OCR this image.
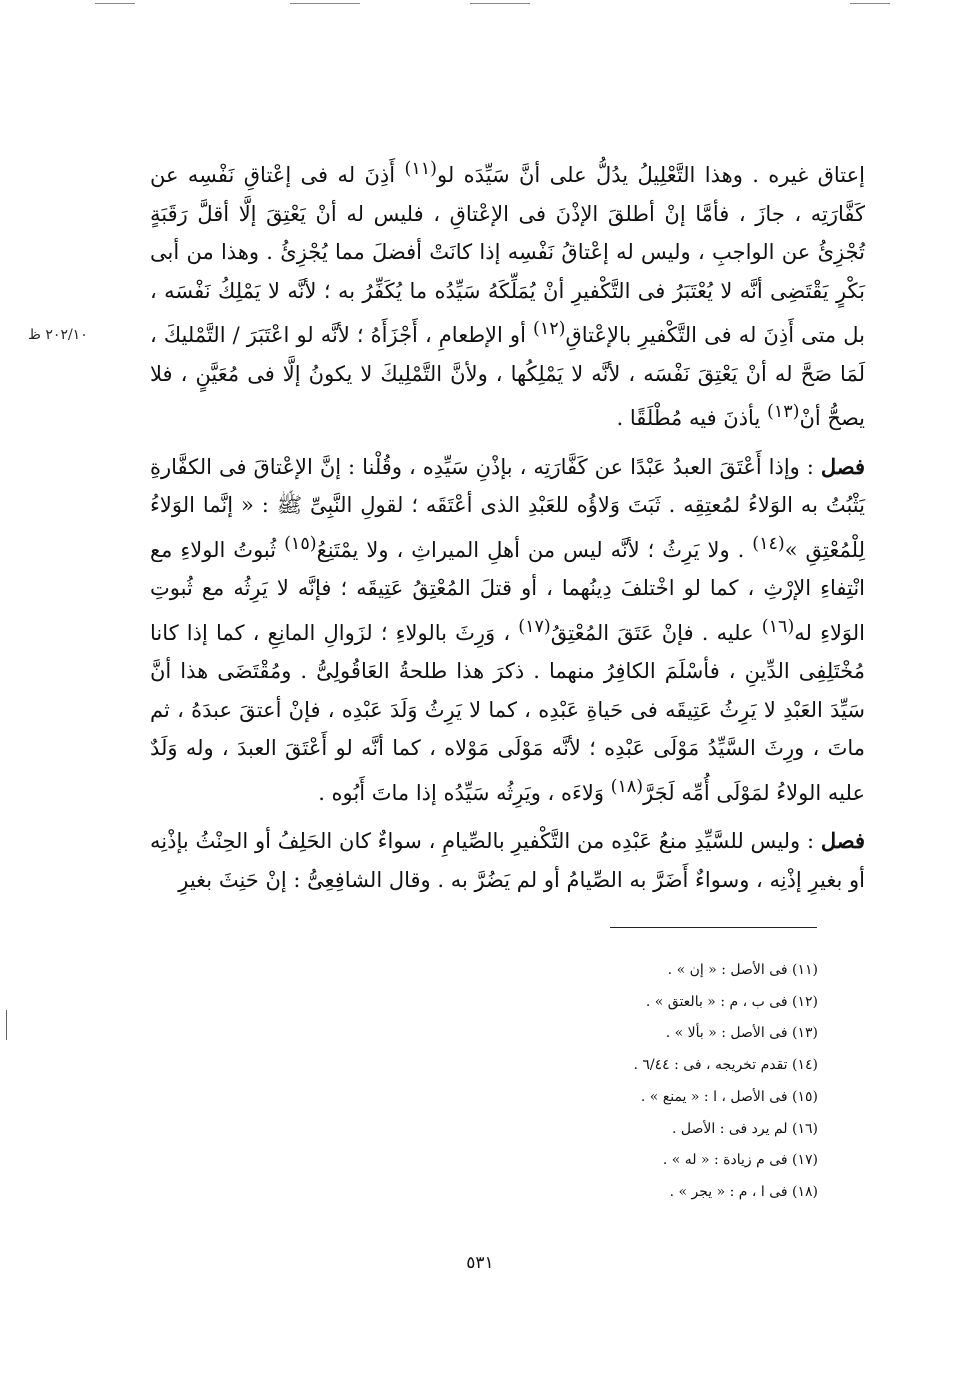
٢٠٢/١٠ ظ

إعتاق غيره . وهذا التَّعْلِيلُ يدُلُّ على أنَّ سَيِّدَه لو$^{(١١)}$ أَذِنَ له فى إعْتاقِ نَفْسِه عن كَفَّارَتِه ، جازَ ، فأمَّا إنْ أطلقَ الإذْنَ فى الإعْتاقِ ، فليس له أنْ يَعْتِقَ إلَّا أقلَّ رَقَبَةٍ تُجْزِئُ عن الواجبِ ، وليس له إعْتاقُ نَفْسِه إذا كانَتْ أفضلَ مما يُجْزِئُ . وهذا من أبى بَكْرٍ يَقْتَضِى أنَّه لا يُعْتَبَرُ فى التَّكْفيرِ أنْ يُمَلِّكَهُ سَيِّدُه ما يُكَفِّرُ به ؛ لأنَّه لا يَمْلِكُ نَفْسَه ، بل متى أَذِنَ له فى التَّكْفيرِ بالإعْتاقِ$^{(١٢)}$ أو الإطعامِ ، أَجْزَأَهُ ؛ لأنَّه لو اعْتَبَرَ / التَّمْليكَ ، لَمَا صَحَّ له أنْ يَعْتِقَ نَفْسَه ، لأنَّه لا يَمْلِكُها ، ولأنَّ التَّمْلِيكَ لا يكونُ إلَّا فى مُعَيَّنٍ ، فلا يصحُّ أنْ$^{(١٣)}$ يأذنَ فيه مُطْلَقًا .

فصل : وإذا أَعْتَقَ العبدُ عَبْدًا عن كَفَّارَتِه ، بإذْنِ سَيِّدِه ، وقُلْنا : إنَّ الإعْتاقَ فى الكفَّارةِ يَثْبُتُ به الوَلاءُ لمُعتِقِه . ثَبَتَ وَلاؤُه للعَبْدِ الذى أعْتَقَه ؛ لقولِ النَّبِىِّ ﷺ : « إنَّما الوَلاءُ لِلْمُعْتِقِ »$^{(١٤)}$ . ولا يَرِثُ ؛ لأنَّه ليس من أهلِ الميراثِ ، ولا يمْتَنِعُ$^{(١٥)}$ ثُبوتُ الولاءِ مع انْتِفاءِ الإرْثِ ، كما لو اخْتلفَ دِينُهما ، أو قتلَ المُعْتِقُ عَتِيقَه ؛ فإنَّه لا يَرِثُه مع ثُبوتِ الوَلاءِ له$^{(١٦)}$ عليه . فإنْ عَتَقَ المُعْتِقُ$^{(١٧)}$ ، وَرِثَ بالولاءِ ؛ لزَوالِ المانِعِ ، كما إذا كانا مُخْتَلِفِى الدِّينِ ، فأسْلَمَ الكافِرُ منهما . ذكرَ هذا طلحةُ العَاقُولِىُّ . ومُقْتَضَى هذا أنَّ سَيِّدَ العَبْدِ لا يَرِثُ عَتِيقَه فى حَياةِ عَبْدِه ، كما لا يَرِثُ وَلَدَ عَبْدِه ، فإنْ أعتقَ عبدَهُ ، ثم ماتَ ، ورِثَ السَّيِّدُ مَوْلَى عَبْدِه ؛ لأنَّه مَوْلَى مَوْلاه ، كما أنَّه لو أَعْتَقَ العبدَ ، وله وَلَدٌ عليه الولاءُ لمَوْلَى أُمِّه لَجَرَّ$^{(١٨)}$ وَلاءَه ، ويَرِثُه سَيِّدُه إذا ماتَ أَبُوه .

فصل : وليس للسَّيِّدِ منعُ عَبْدِه من التَّكْفيرِ بالصِّيامِ ، سواءٌ كان الحَلِفُ أو الحِنْثُ بإذْنِه أو بغيرِ إذْنِه ، وسواءٌ أَضَرَّ به الصِّيامُ أو لم يَضُرَّ به . وقال الشافِعِىُّ : إنْ حَنِثَ بغيرِ

(١١) فى الأصل : « إن » .
(١٢) فى ب ، م : « بالعتق » .
(١٣) فى الأصل : « بألا » .
(١٤) تقدم تخريجه ، فى : ٦/٤٤ .
(١٥) فى الأصل ، ا : « يمنع » .
(١٦) لم يرد فى : الأصل .
(١٧) فى م زيادة : « له » .
(١٨) فى ا ، م : « يجر » .
٥٣١
